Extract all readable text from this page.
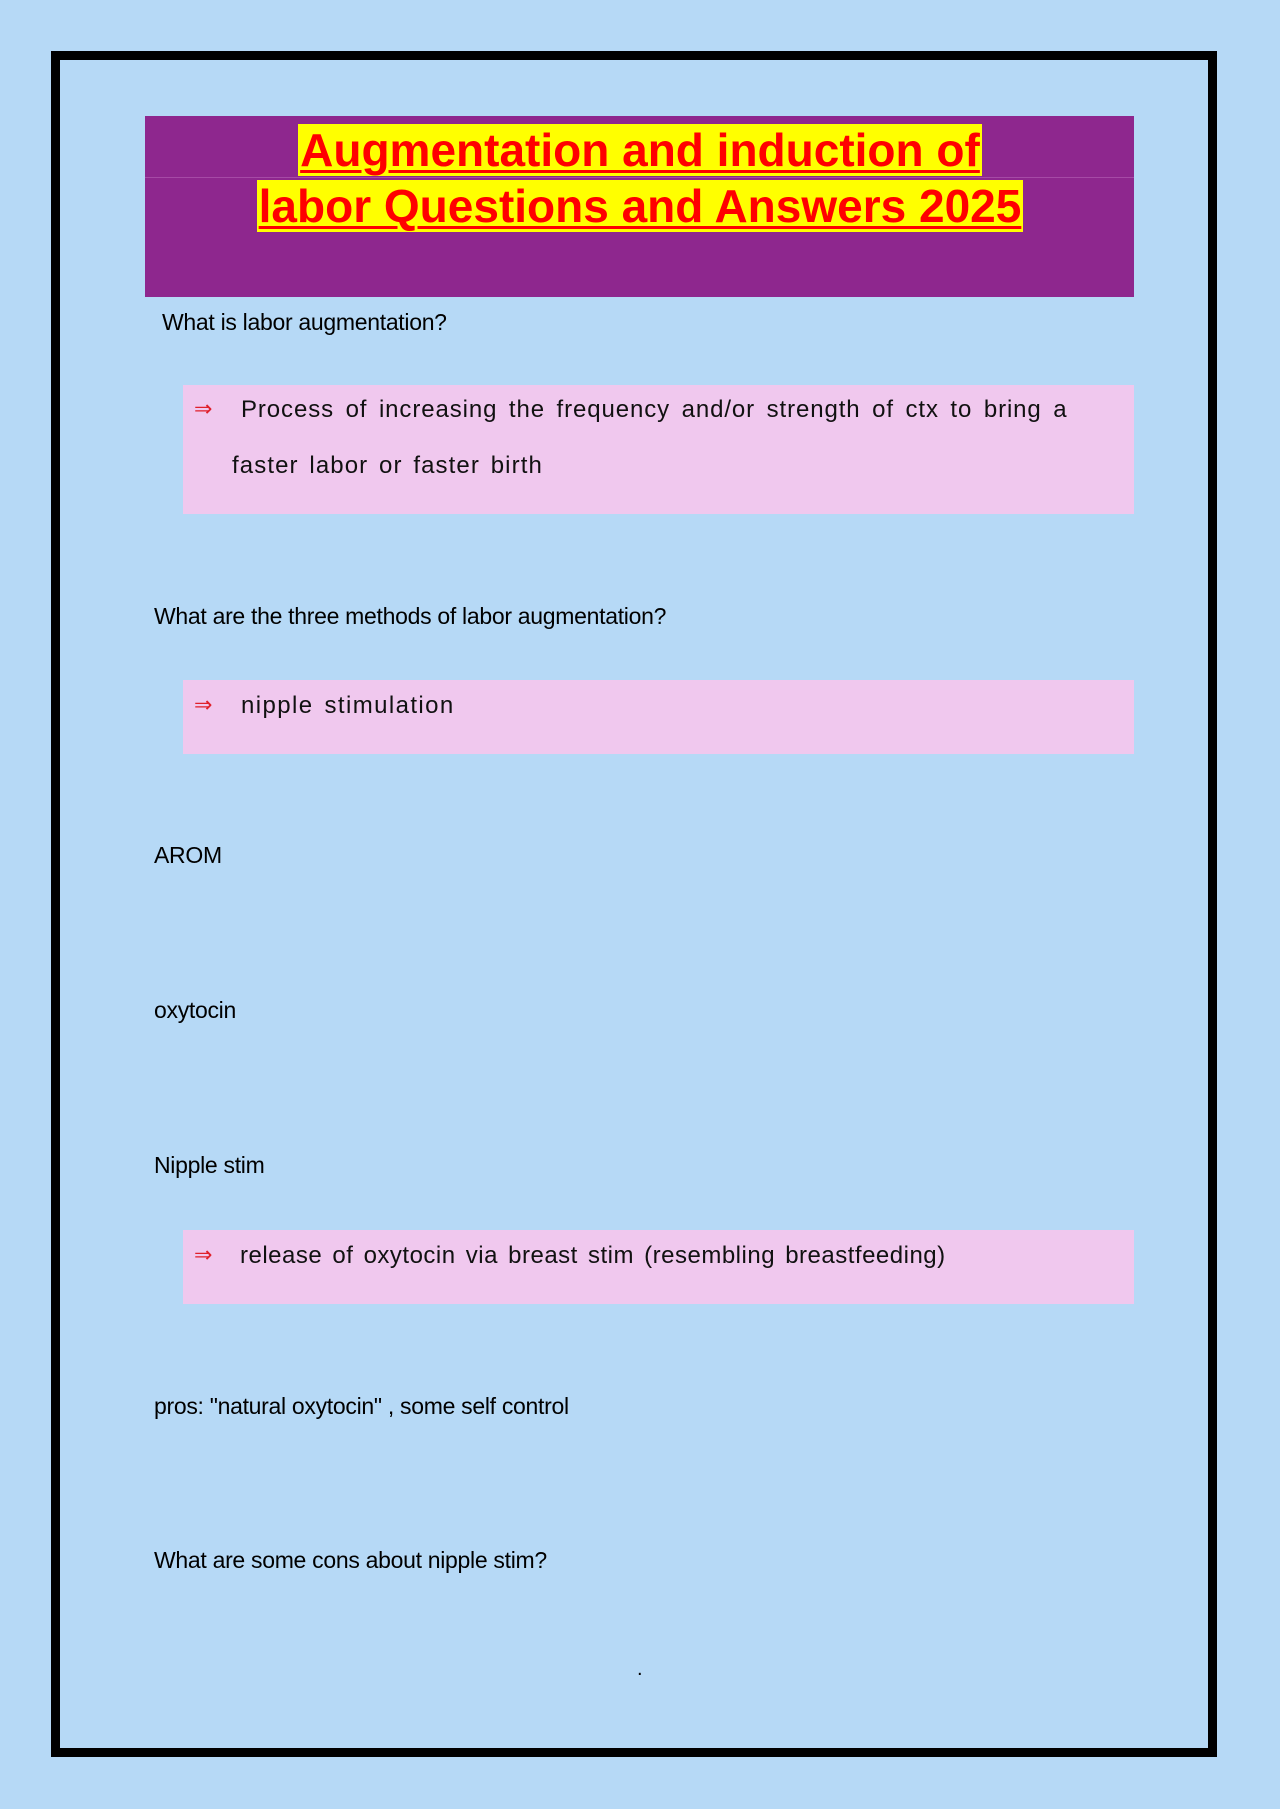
Augmentation and induction of
labor Questions and Answers 2025
What is labor augmentation?
⇒ Process of increasing the frequency and/or strength of ctx to bring a
faster labor or faster birth
What are the three methods of labor augmentation?
⇒ nipple stimulation
AROM
oxytocin
Nipple stim
⇒ release of oxytocin via breast stim (resembling breastfeeding)
pros: "natural oxytocin" , some self control
What are some cons about nipple stim?
.
